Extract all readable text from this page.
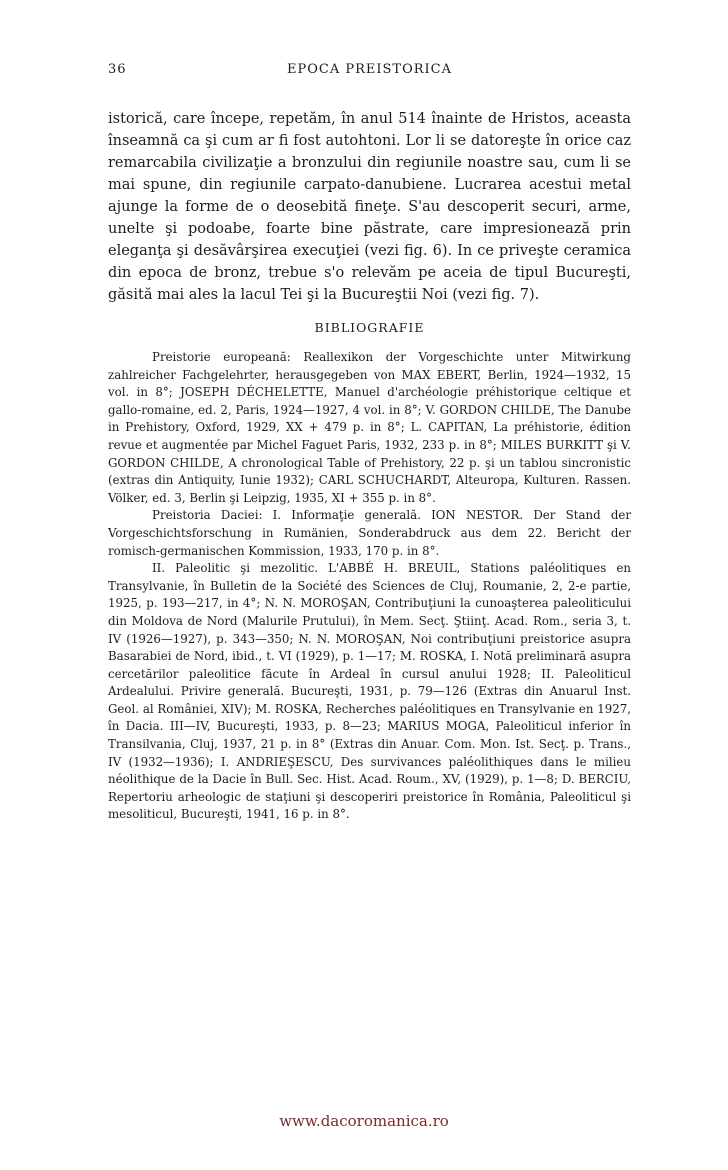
36	EPOCA PREISTORICA
istorică, care începe, repetăm, în anul 514 înainte de Hristos, aceasta înseamnă ca şi cum ar fi fost autohtoni. Lor li se datoreşte în orice caz remarcabila civilizaţie a bronzului din regiunile noastre sau, cum li se mai spune, din regiunile carpato-danubiene. Lucrarea acestui metal ajunge la forme de o deosebită fineţe. S'au descoperit securi, arme, unelte şi podoabe, foarte bine păstrate, care impresionează prin eleganţa şi desăvârşirea execuţiei (vezi fig. 6). In ce priveşte ceramica din epoca de bronz, trebue s'o relevăm pe aceia de tipul Bucureşti, găsită mai ales la lacul Tei şi la Bucureştii Noi (vezi fig. 7).
BIBLIOGRAFIE

Preistorie europeană: Reallexikon der Vorgeschichte unter Mitwirkung zahlreicher Fachgelehrter, herausgegeben von MAX EBERT, Berlin, 1924—1932, 15 vol. in 8°; JOSEPH DÉCHELETTE, Manuel d'archéologie préhistorique celtique et gallo-romaine, ed. 2, Paris, 1924—1927, 4 vol. in 8°; V. GORDON CHILDE, The Danube in Prehistory, Oxford, 1929, XX + 479 p. in 8°; L. CAPITAN, La préhistorie, édition revue et augmentée par Michel Faguet Paris, 1932, 233 p. in 8°; MILES BURKITT şi V. GORDON CHILDE, A chronological Table of Prehistory, 22 p. şi un tablou sincronistic (extras din Antiquity, Iunie 1932); CARL SCHUCHARDT, Alteuropa, Kulturen. Rassen. Völker, ed. 3, Berlin şi Leipzig, 1935, XI + 355 p. in 8°.

Preistoria Daciei: I. Informaţie generală. ION NESTOR. Der Stand der Vorgeschichtsforschung in Rumänien, Sonderabdruck aus dem 22. Bericht der romisch-germanischen Kommission, 1933, 170 p. in 8°.

II. Paleolitic şi mezolitic. L'ABBÉ H. BREUIL, Stations paléolitiques en Transylvanie, în Bulletin de la Société des Sciences de Cluj, Roumanie, 2, 2-e partie, 1925, p. 193—217, in 4°; N. N. MOROŞAN, Contribuţiuni la cunoaşterea paleoliticului din Moldova de Nord (Malurile Prutului), în Mem. Secţ. Ştiinţ. Acad. Rom., seria 3, t. IV (1926—1927), p. 343—350; N. N. MOROŞAN, Noi contribuţiuni preistorice asupra Basarabiei de Nord, ibid., t. VI (1929), p. 1—17; M. ROSKA, I. Notă preliminară asupra cercetărilor paleolitice făcute în Ardeal în cursul anului 1928; II. Paleoliticul Ardealului. Privire generală. Bucureşti, 1931, p. 79—126 (Extras din Anuarul Inst. Geol. al României, XIV); M. ROSKA, Recherches paléolitiques en Transylvanie en 1927, în Dacia. III—IV, Bucureşti, 1933, p. 8—23; MARIUS MOGA, Paleoliticul inferior în Transilvania, Cluj, 1937, 21 p. in 8° (Extras din Anuar. Com. Mon. Ist. Secţ. p. Trans., IV (1932—1936); I. ANDRIEŞESCU, Des survivances paléolithiques dans le milieu néolithique de la Dacie în Bull. Sec. Hist. Acad. Roum., XV, (1929), p. 1—8; D. BERCIU, Repertoriu arheologic de staţiuni şi descoperiri preistorice în România, Paleoliticul şi mesoliticul, Bucureşti, 1941, 16 p. in 8°.

www.dacoromanica.ro
